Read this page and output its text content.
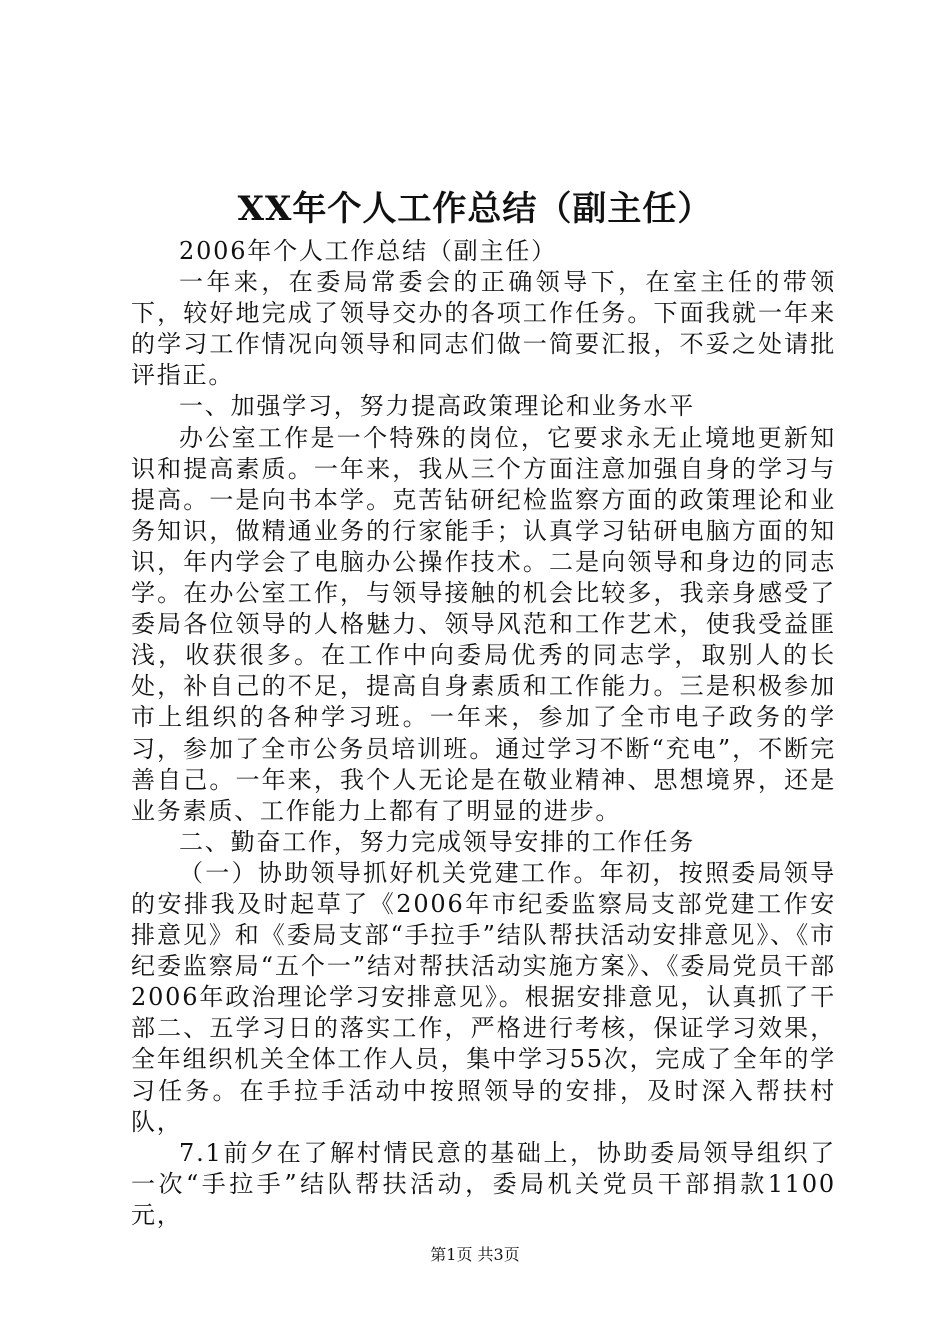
XX年个人工作总结（副主任）

2006年个人工作总结（副主任）

一年来，在委局常委会的正确领导下，在室主任的带领下，较好地完成了领导交办的各项工作任务。下面我就一年来的学习工作情况向领导和同志们做一简要汇报，不妥之处请批评指正。

一、加强学习，努力提高政策理论和业务水平

办公室工作是一个特殊的岗位，它要求永无止境地更新知识和提高素质。一年来，我从三个方面注意加强自身的学习与提高。一是向书本学。克苦钻研纪检监察方面的政策理论和业务知识，做精通业务的行家能手；认真学习钻研电脑方面的知识，年内学会了电脑办公操作技术。二是向领导和身边的同志学。在办公室工作，与领导接触的机会比较多，我亲身感受了委局各位领导的人格魅力、领导风范和工作艺术，使我受益匪浅，收获很多。在工作中向委局优秀的同志学，取别人的长处，补自己的不足，提高自身素质和工作能力。三是积极参加市上组织的各种学习班。一年来，参加了全市电子政务的学习，参加了全市公务员培训班。通过学习不断“充电”，不断完善自己。一年来，我个人无论是在敬业精神、思想境界，还是业务素质、工作能力上都有了明显的进步。

二、勤奋工作，努力完成领导安排的工作任务

（一）协助领导抓好机关党建工作。年初，按照委局领导的安排我及时起草了《2006年市纪委监察局支部党建工作安排意见》和《委局支部“手拉手”结队帮扶活动安排意见》、《市纪委监察局“五个一”结对帮扶活动实施方案》、《委局党员干部2006年政治理论学习安排意见》。根据安排意见，认真抓了干部二、五学习日的落实工作，严格进行考核，保证学习效果，全年组织机关全体工作人员，集中学习55次，完成了全年的学习任务。在手拉手活动中按照领导的安排，及时深入帮扶村队，

7.1前夕在了解村情民意的基础上，协助委局领导组织了一次“手拉手”结队帮扶活动，委局机关党员干部捐款1100元，

第1页 共3页
